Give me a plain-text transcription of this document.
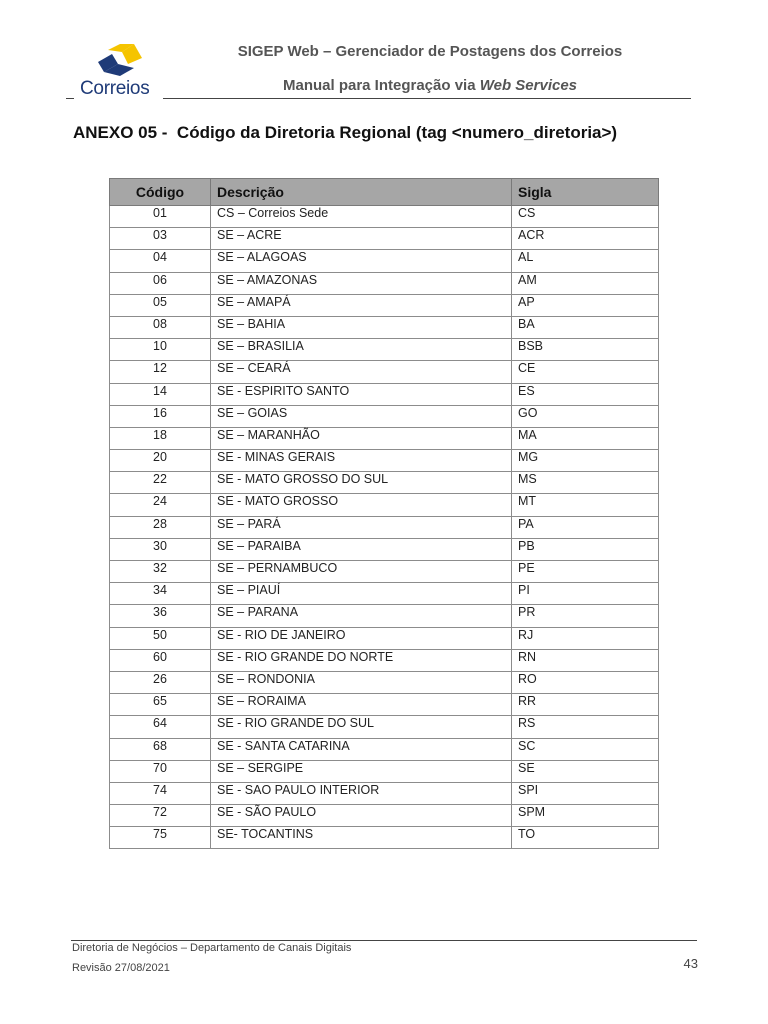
Correios
SIGEP Web – Gerenciador de Postagens dos Correios
Manual para Integração via Web Services
ANEXO 05 -  Código da Diretoria Regional (tag <numero_diretoria>)
Código	Descrição	Sigla
01	CS – Correios Sede	CS
03	SE – ACRE	ACR
04	SE – ALAGOAS	AL
06	SE – AMAZONAS	AM
05	SE – AMAPÁ	AP
08	SE – BAHIA	BA
10	SE – BRASILIA	BSB
12	SE – CEARÁ	CE
14	SE - ESPIRITO SANTO	ES
16	SE – GOIAS	GO
18	SE – MARANHÃO	MA
20	SE - MINAS GERAIS	MG
22	SE - MATO GROSSO DO SUL	MS
24	SE - MATO GROSSO	MT
28	SE – PARÁ	PA
30	SE – PARAIBA	PB
32	SE – PERNAMBUCO	PE
34	SE – PIAUÍ	PI
36	SE – PARANA	PR
50	SE - RIO DE JANEIRO	RJ
60	SE - RIO GRANDE DO NORTE	RN
26	SE – RONDONIA	RO
65	SE – RORAIMA	RR
64	SE - RIO GRANDE DO SUL	RS
68	SE - SANTA CATARINA	SC
70	SE – SERGIPE	SE
74	SE - SAO PAULO INTERIOR	SPI
72	SE - SÃO PAULO	SPM
75	SE- TOCANTINS	TO
Diretoria de Negócios – Departamento de Canais Digitais
Revisão 27/08/2021	43
